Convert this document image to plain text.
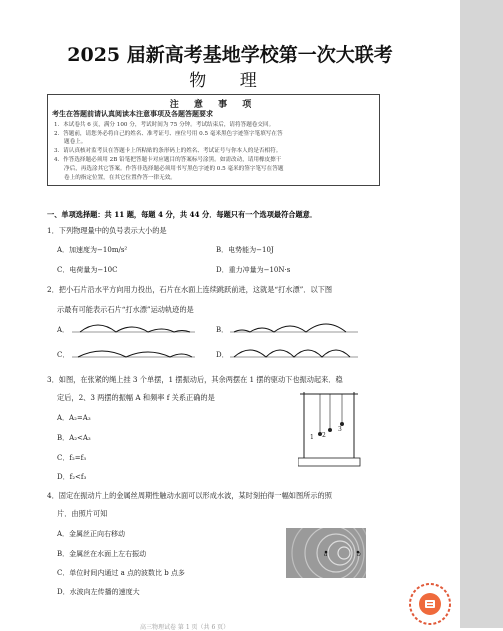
2025 届新高考基地学校第一次大联考
物 理
注 意 事 项
考生在答题前请认真阅读本注意事项及各题答题要求
1．本试卷共 6 页，满分 100 分，考试时间为 75 分钟。考试结束后，请将答题卷交回。
2．答题前，请您务必将自己的姓名、准考证号、座位号用 0.5 毫米黑色字迹签字笔填写在答
题卷上。
3．请认真核对监考员在答题卡上所粘贴的条形码上的姓名、考试证号与你本人的是否相符。
4．作答选择题必须用 2B 铅笔把答题卡对应题目的答案标号涂黑。如需改动，请用橡皮擦干
净后，再选涂其它答案。作答非选择题必须用书写黑色字迹的 0.5 毫米的签字笔写在答题
卷上的指定位置，在其它位置作答一律无效。
一、单项选择题：共 11 题，每题 4 分，共 44 分．每题只有一个选项最符合题意．
1．下列物理量中的负号表示大小的是
A．加速度为−10m/s²	B．电势能为−10J
C．电荷量为−10C	D．重力冲量为−10N·s
2．把小石片沿水平方向用力投出，石片在水面上连续跳跃前进，这就是“打水漂”．以下图
示最有可能表示石片“打水漂”运动轨迹的是
A．	B．
C．	D．
3．如图，在张紧的绳上挂 3 个单摆，1 摆振动后，其余两摆在 1 摆的驱动下也振动起来．稳
定后，2、3 两摆的振幅 A 和频率 f 关系正确的是
A．A₂=A₃
B．A₂<A₃
C．f₂=f₃
D．f₂<f₃
1 2
3
4．固定在振动片上的金属丝周期性触动水面可以形成水波，某时刻拍得一幅如图所示的照
片．由照片可知
A．金属丝正向右移动
B．金属丝在水面上左右振动
C．单位时间内通过 a 点的波数比 b 点多
D．水波向左传播的速度大
a	b
高三物理试卷 第 1 页（共 6 页）
